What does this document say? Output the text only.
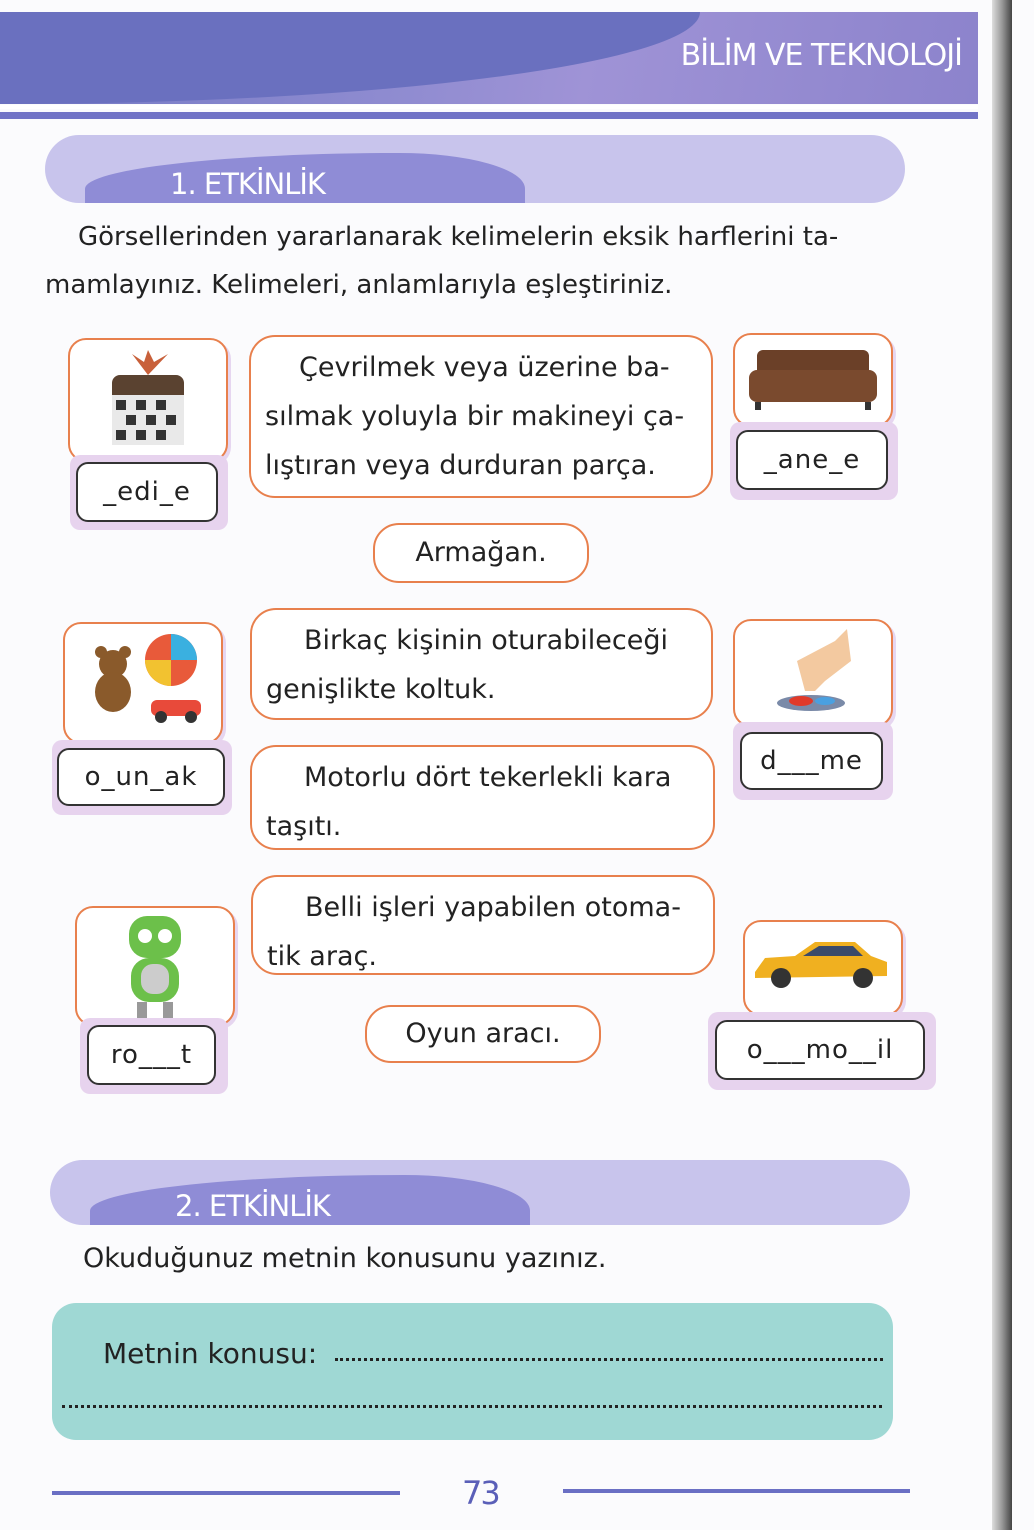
BİLİM VE TEKNOLOJİ
1. ETKİNLİK
Görsellerinden yararlanarak kelimelerin eksik harflerini ta-
mamlayınız. Kelimeleri, anlamlarıyla eşleştiriniz.
Çevrilmek veya üzerine ba-
sılmak yoluyla bir makineyi ça-
lıştıran veya durduran parça.
Armağan.
Birkaç kişinin oturabileceği
genişlikte koltuk.
Motorlu dört tekerlekli kara
taşıtı.
Belli işleri yapabilen otoma-
tik araç.
Oyun aracı.
_edi_e
_ane_e
o_un_ak
d___me
ro___t	o___mo__il
2. ETKİNLİK
Okuduğunuz metnin konusunu yazınız.
Metnin konusu:
73
